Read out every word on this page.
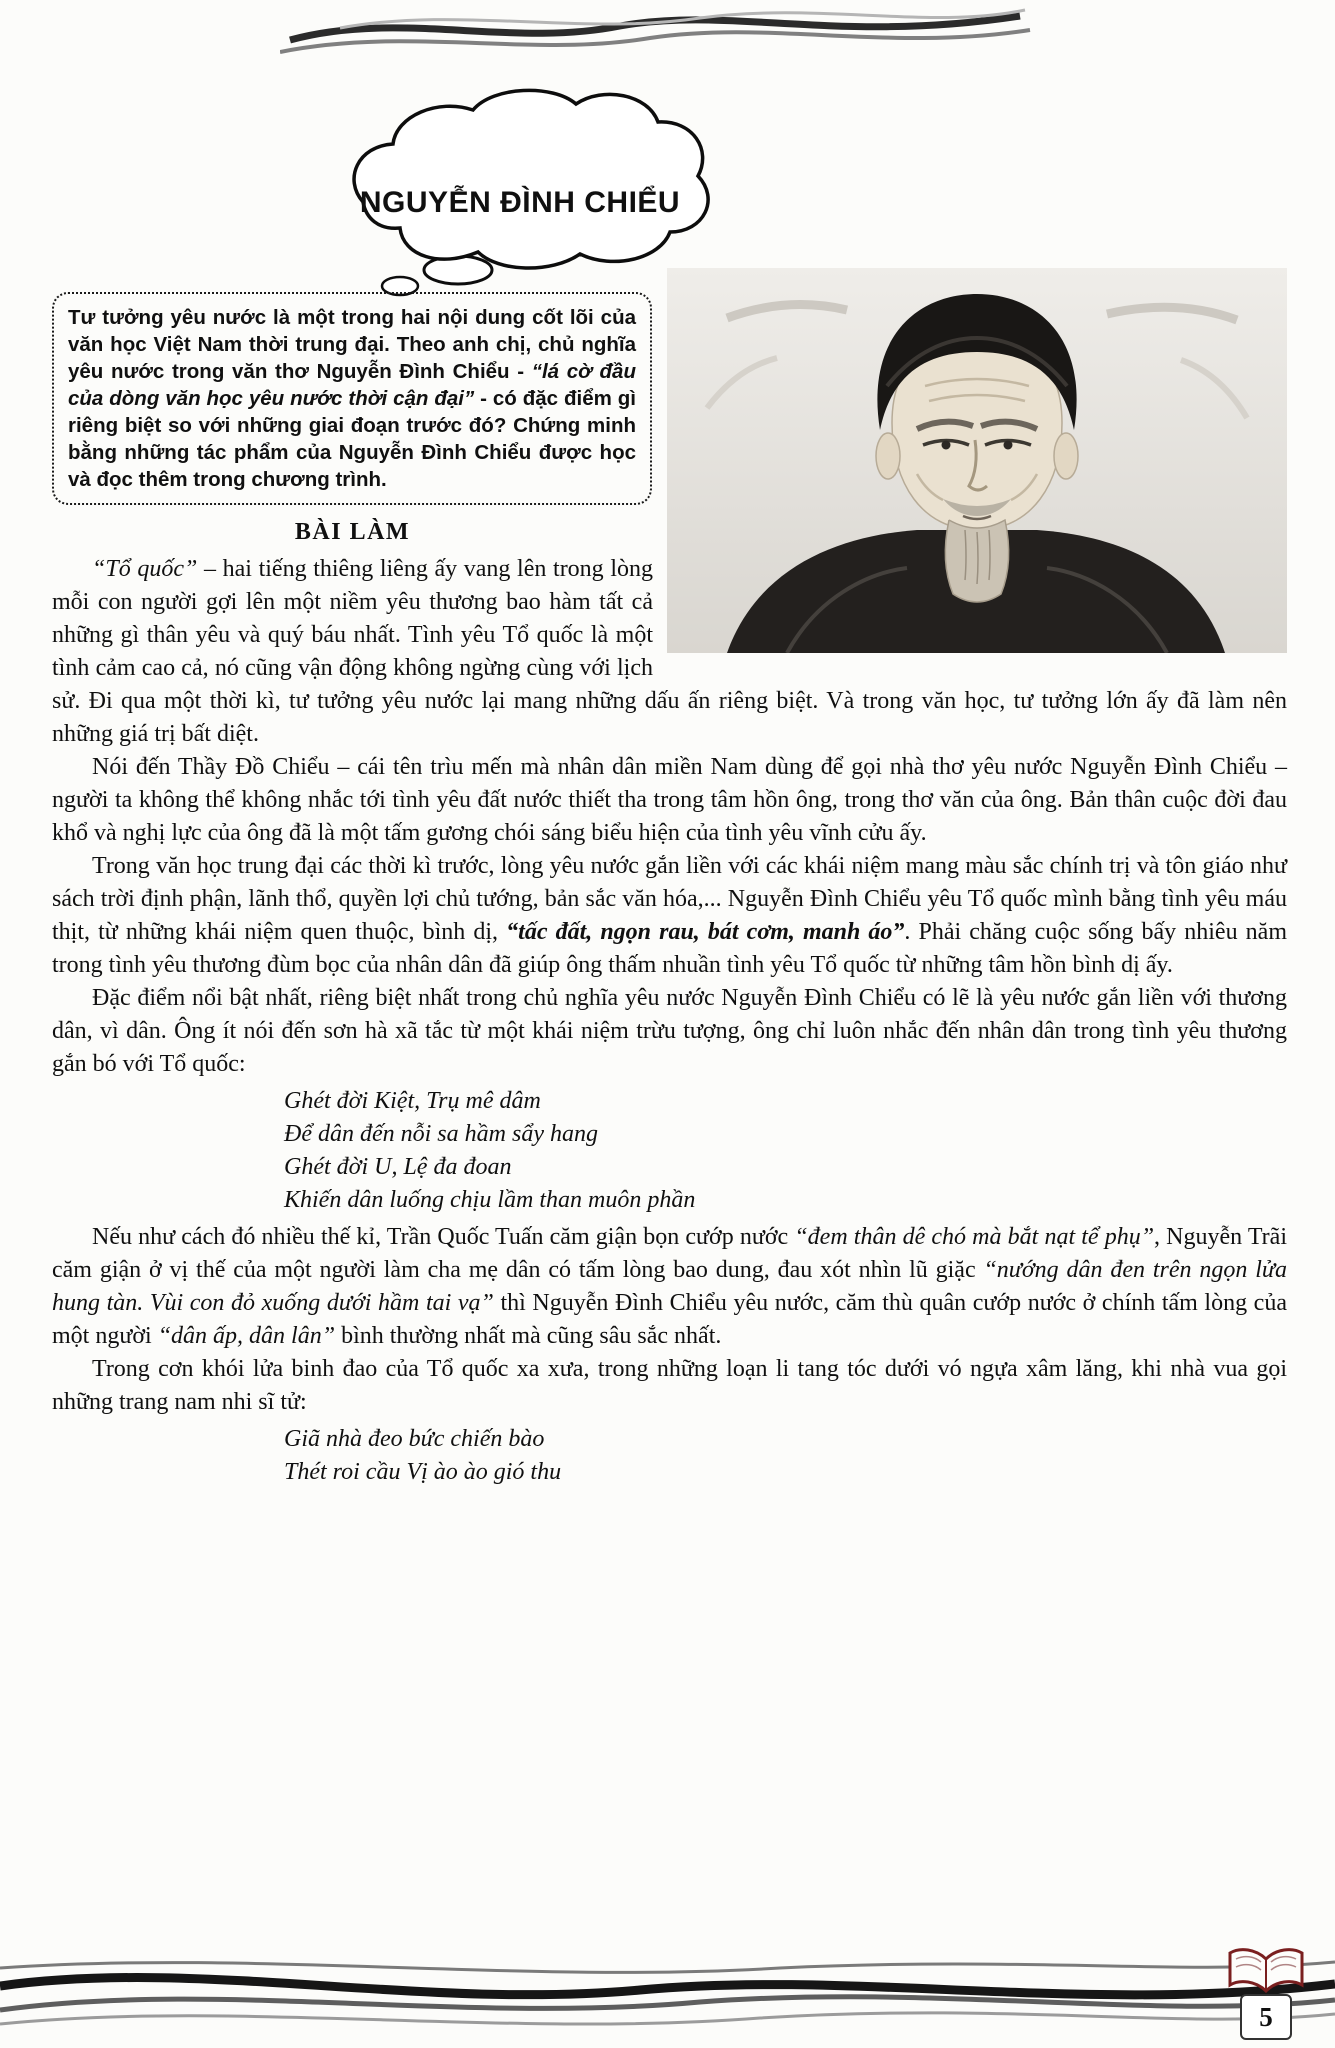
NGUYỄN ĐÌNH CHIỂU
Tư tưởng yêu nước là một trong hai nội dung cốt lõi của văn học Việt Nam thời trung đại. Theo anh chị, chủ nghĩa yêu nước trong văn thơ Nguyễn Đình Chiểu - “lá cờ đầu của dòng văn học yêu nước thời cận đại” - có đặc điểm gì riêng biệt so với những giai đoạn trước đó? Chứng minh bằng những tác phẩm của Nguyễn Đình Chiểu được học và đọc thêm trong chương trình.
BÀI LÀM

“Tổ quốc” – hai tiếng thiêng liêng ấy vang lên trong lòng mỗi con người gợi lên một niềm yêu thương bao hàm tất cả những gì thân yêu và quý báu nhất. Tình yêu Tổ quốc là một tình cảm cao cả, nó cũng vận động không ngừng cùng với lịch sử. Đi qua một thời kì, tư tưởng yêu nước lại mang những dấu ấn riêng biệt. Và trong văn học, tư tưởng lớn ấy đã làm nên những giá trị bất diệt.

Nói đến Thầy Đồ Chiểu – cái tên trìu mến mà nhân dân miền Nam dùng để gọi nhà thơ yêu nước Nguyễn Đình Chiểu – người ta không thể không nhắc tới tình yêu đất nước thiết tha trong tâm hồn ông, trong thơ văn của ông. Bản thân cuộc đời đau khổ và nghị lực của ông đã là một tấm gương chói sáng biểu hiện của tình yêu vĩnh cửu ấy.

Trong văn học trung đại các thời kì trước, lòng yêu nước gắn liền với các khái niệm mang màu sắc chính trị và tôn giáo như sách trời định phận, lãnh thổ, quyền lợi chủ tướng, bản sắc văn hóa,... Nguyễn Đình Chiểu yêu Tổ quốc mình bằng tình yêu máu thịt, từ những khái niệm quen thuộc, bình dị, “tấc đất, ngọn rau, bát cơm, manh áo”. Phải chăng cuộc sống bấy nhiêu năm trong tình yêu thương đùm bọc của nhân dân đã giúp ông thấm nhuần tình yêu Tổ quốc từ những tâm hồn bình dị ấy.

Đặc điểm nổi bật nhất, riêng biệt nhất trong chủ nghĩa yêu nước Nguyễn Đình Chiểu có lẽ là yêu nước gắn liền với thương dân, vì dân. Ông ít nói đến sơn hà xã tắc từ một khái niệm trừu tượng, ông chỉ luôn nhắc đến nhân dân trong tình yêu thương gắn bó với Tổ quốc:

Ghét đời Kiệt, Trụ mê dâm
Để dân đến nỗi sa hầm sẩy hang
Ghét đời U, Lệ đa đoan
Khiến dân luống chịu lầm than muôn phần

Nếu như cách đó nhiều thế kỉ, Trần Quốc Tuấn căm giận bọn cướp nước “đem thân dê chó mà bắt nạt tể phụ”, Nguyễn Trãi căm giận ở vị thế của một người làm cha mẹ dân có tấm lòng bao dung, đau xót nhìn lũ giặc “nướng dân đen trên ngọn lửa hung tàn. Vùi con đỏ xuống dưới hầm tai vạ” thì Nguyễn Đình Chiểu yêu nước, căm thù quân cướp nước ở chính tấm lòng của một người “dân ấp, dân lân” bình thường nhất mà cũng sâu sắc nhất.

Trong cơn khói lửa binh đao của Tổ quốc xa xưa, trong những loạn li tang tóc dưới vó ngựa xâm lăng, khi nhà vua gọi những trang nam nhi sĩ tử:

Giã nhà đeo bức chiến bào
Thét roi cầu Vị ào ào gió thu
5
